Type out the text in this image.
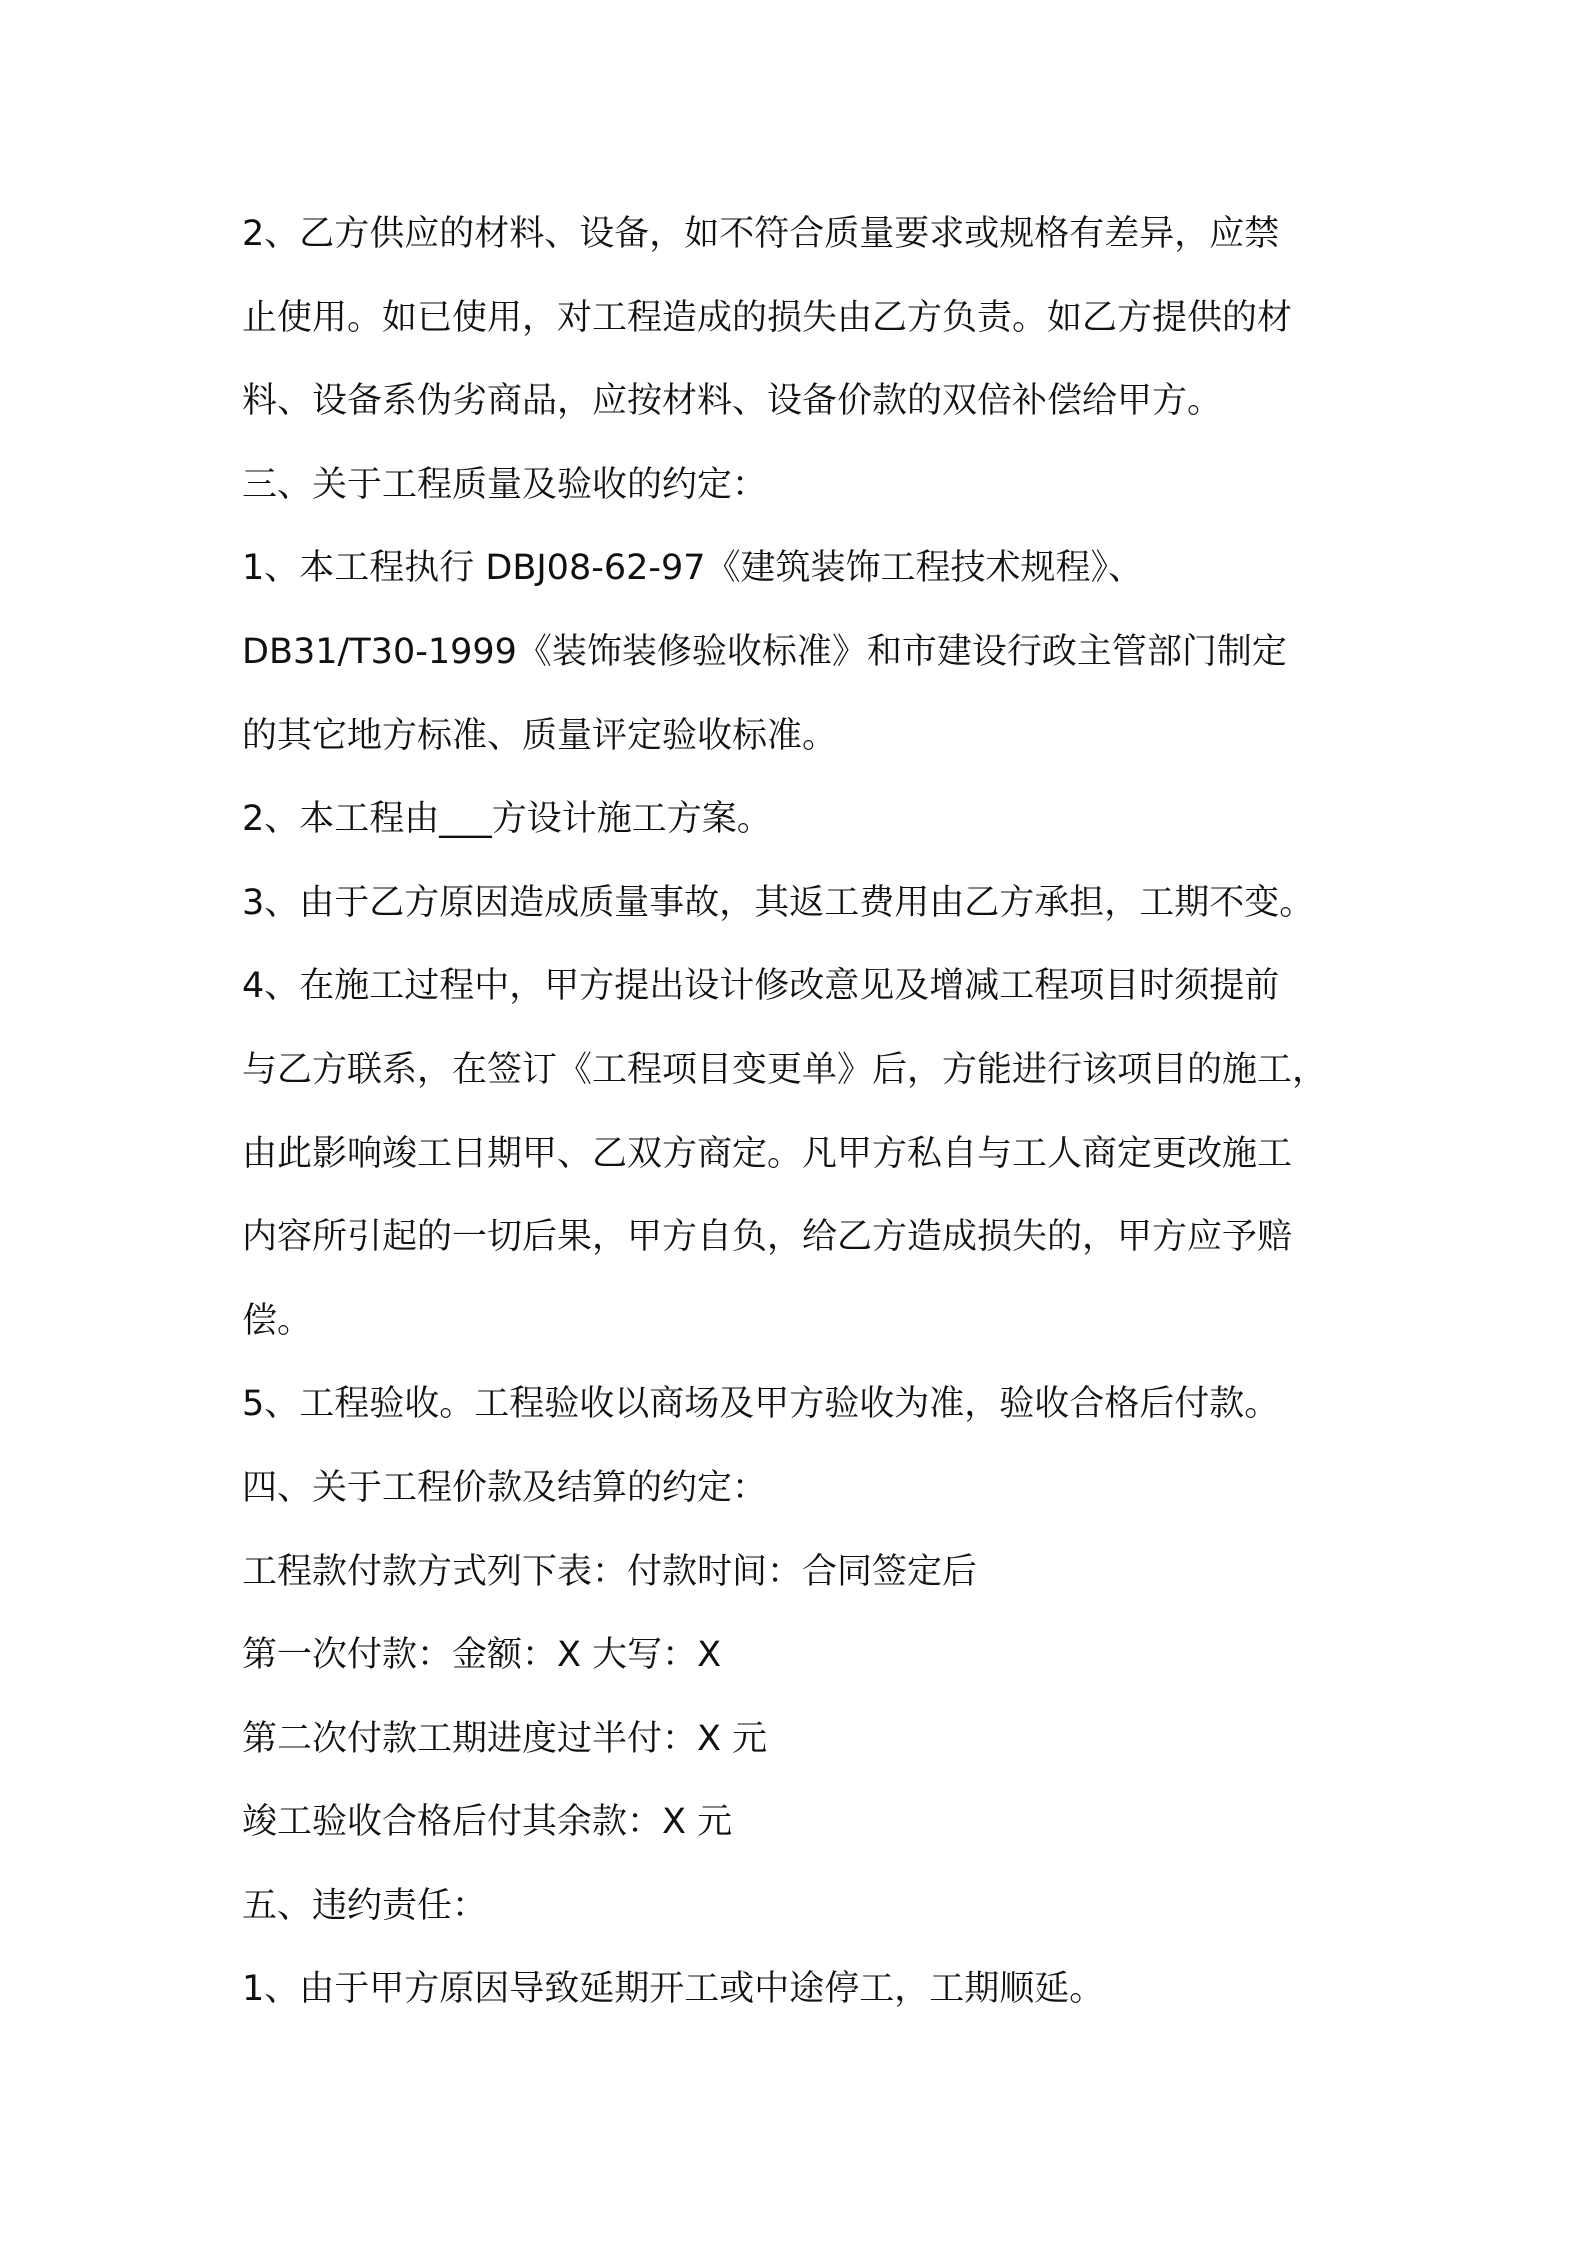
2、乙方供应的材料、设备，如不符合质量要求或规格有差异，应禁

止使用。如已使用，对工程造成的损失由乙方负责。如乙方提供的材

料、设备系伪劣商品，应按材料、设备价款的双倍补偿给甲方。

三、关于工程质量及验收的约定：

1、本工程执行 DBJ08-62-97《建筑装饰工程技术规程》、

DB31/T30-1999《装饰装修验收标准》和市建设行政主管部门制定

的其它地方标准、质量评定验收标准。

2、本工程由___方设计施工方案。

3、由于乙方原因造成质量事故，其返工费用由乙方承担，工期不变。

4、在施工过程中，甲方提出设计修改意见及增减工程项目时须提前

与乙方联系，在签订《工程项目变更单》后，方能进行该项目的施工，

由此影响竣工日期甲、乙双方商定。凡甲方私自与工人商定更改施工

内容所引起的一切后果，甲方自负，给乙方造成损失的，甲方应予赔

偿。

5、工程验收。工程验收以商场及甲方验收为准，验收合格后付款。

四、关于工程价款及结算的约定：

工程款付款方式列下表：付款时间：合同签定后

第一次付款：金额：X 大写：X

第二次付款工期进度过半付：X 元

竣工验收合格后付其余款：X 元

五、违约责任：

1、由于甲方原因导致延期开工或中途停工，工期顺延。
